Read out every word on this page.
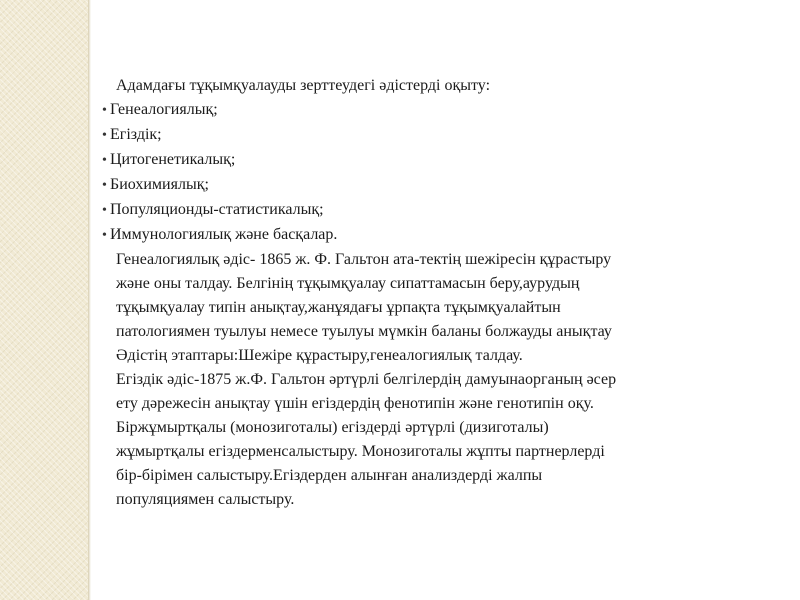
Адамдағы тұқымқуалауды зерттеудегі әдістерді оқыту:

• Генеалогиялық;
• Егіздік;
• Цитогенетикалық;
• Биохимиялық;
• Популяционды-статистикалық;
• Иммунологиялық және басқалар.

Генеалогиялық әдіс- 1865 ж. Ф. Гальтон ата-тектің шежіресін құрастыру
және оны талдау. Белгінің тұқымқуалау сипаттамасын беру,аурудың
тұқымқуалау типін анықтау,жанұядағы ұрпақта тұқымқуалайтын
патологиямен туылуы немесе туылуы мүмкін баланы болжауды анықтау
Әдістің этаптары:Шежіре құрастыру,генеалогиялық талдау.

Егіздік әдіс-1875 ж.Ф. Гальтон әртүрлі белгілердің дамуынаорганың әсер
ету дәрежесін анықтау үшін егіздердің фенотипін және генотипін оқу.
Біржұмыртқалы (монозиготалы) егіздерді әртүрлі (дизиготалы)
жұмыртқалы егіздерменсалыстыру. Монозиготалы жұпты партнерлерді
бір-бірімен салыстыру.Егіздерден алынған анализдерді жалпы
популяциямен салыстыру.
